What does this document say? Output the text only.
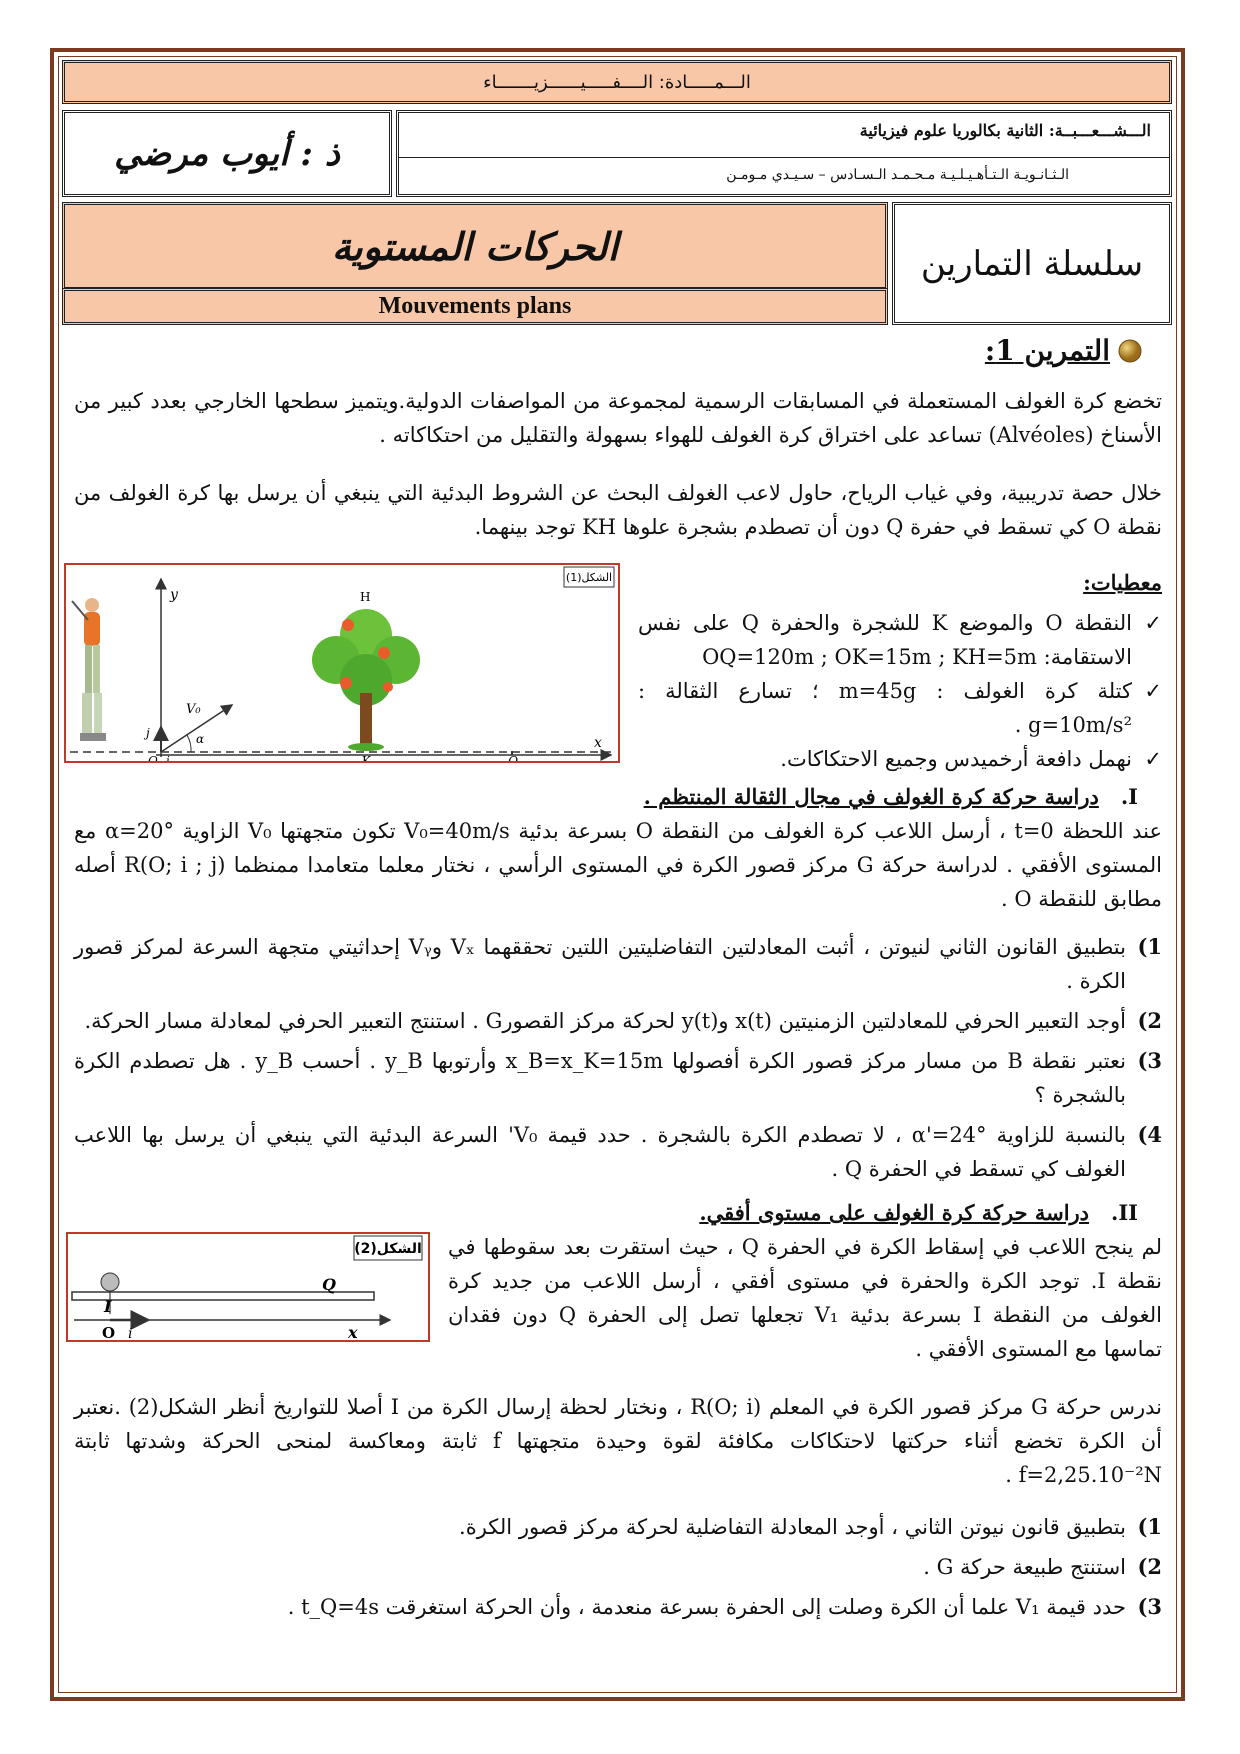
الـــمـــــادة: الــــفـــــيــــــزيـــــــاء
ذ : أيوب مرضي
الـــشـــعـــبــة: الثانية بكالوريا علوم فيزيائية
الـثـانـويـة الـتـأهـيـلـيـة مـحـمـد الـسـادس – سـيـدي مـومـن
الحركات المستوية
Mouvements plans
سلسلة التمارين
التمرين 1:
تخضع كرة الغولف المستعملة في المسابقات الرسمية لمجموعة من المواصفات الدولية.ويتميز سطحها الخارجي بعدد كبير من الأسناخ (Alvéoles) تساعد على اختراق كرة الغولف للهواء بسهولة والتقليل من احتكاكاته .
خلال حصة تدريبية، وفي غياب الرياح، حاول لاعب الغولف البحث عن الشروط البدئية التي ينبغي أن يرسل بها كرة الغولف من نقطة O كي تسقط في حفرة Q دون أن تصطدم بشجرة علوها KH توجد بينهما.
y
x
V₀
α
j
i
O
H
K	Q
الشكل(1)	معطيات:
✓
النقطة O والموضع K للشجرة والحفرة Q على نفس الاستقامة: OQ=120m ; OK=15m ; KH=5m
✓
كتلة كرة الغولف : m=45g ؛ تسارع الثقالة : g=10m/s² .
✓
نهمل دافعة أرخميدس وجميع الاحتكاكات.
I.
دراسة حركة كرة الغولف في مجال الثقالة المنتظم .
عند اللحظة t=0 ، أرسل اللاعب كرة الغولف من النقطة O بسرعة بدئية V₀=40m/s تكون متجهتها V₀ الزاوية α=20° مع المستوى الأفقي . لدراسة حركة G مركز قصور الكرة في المستوى الرأسي ، نختار معلما متعامدا ممنظما R(O; i ; j) أصله مطابق للنقطة O .
1)
بتطبيق القانون الثاني لنيوتن ، أثبت المعادلتين التفاضليتين اللتين تحققهما Vₓ وVᵧ إحداثيتي متجهة السرعة لمركز قصور الكرة .
2)
أوجد التعبير الحرفي للمعادلتين الزمنيتين x(t) وy(t) لحركة مركز القصورG . استنتج التعبير الحرفي لمعادلة مسار الحركة.
3)
نعتبر نقطة B من مسار مركز قصور الكرة أفصولها x_B=x_K=15m وأرتوبها y_B . أحسب y_B . هل تصطدم الكرة بالشجرة ؟
4)
بالنسبة للزاوية α'=24° ، لا تصطدم الكرة بالشجرة . حدد قيمة V₀' السرعة البدئية التي ينبغي أن يرسل بها اللاعب الغولف كي تسقط في الحفرة Q .
I
Q
O i	x
الشكل(2)
II.
دراسة حركة كرة الغولف على مستوى أفقي.
لم ينجح اللاعب في إسقاط الكرة في الحفرة Q ، حيث استقرت بعد سقوطها في نقطة I. توجد الكرة والحفرة في مستوى أفقي ، أرسل اللاعب من جديد كرة الغولف من النقطة I بسرعة بدئية V₁ تجعلها تصل إلى الحفرة Q دون فقدان تماسها مع المستوى الأفقي .
ندرس حركة G مركز قصور الكرة في المعلم R(O; i) ، ونختار لحظة إرسال الكرة من I أصلا للتواريخ أنظر الشكل(2) .نعتبر أن الكرة تخضع أثناء حركتها لاحتكاكات مكافئة لقوة وحيدة متجهتها f ثابتة ومعاكسة لمنحى الحركة وشدتها ثابتة f=2,25.10⁻²N .
1)
بتطبيق قانون نيوتن الثاني ، أوجد المعادلة التفاضلية لحركة مركز قصور الكرة.
2)
استنتج طبيعة حركة G .
3)
حدد قيمة V₁ علما أن الكرة وصلت إلى الحفرة بسرعة منعدمة ، وأن الحركة استغرقت t_Q=4s .
